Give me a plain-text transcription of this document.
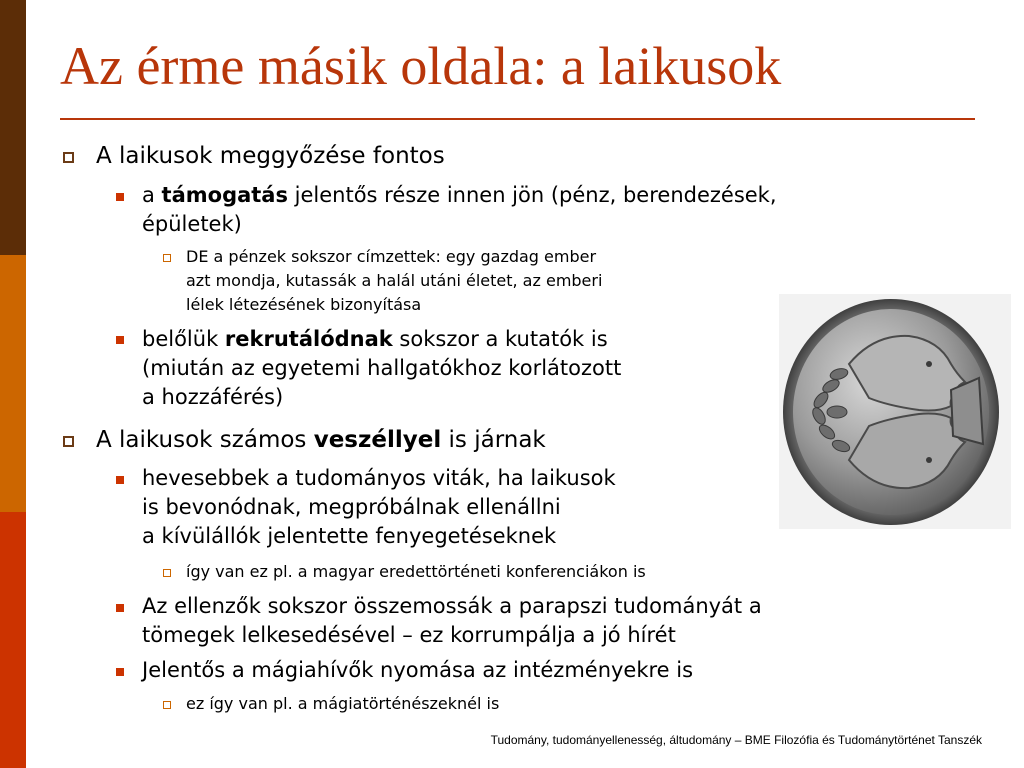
Az érme másik oldala: a laikusok

A laikusok meggyőzése fontos

a támogatás jelentős része innen jön (pénz, berendezések,
épületek)

DE a pénzek sokszor címzettek: egy gazdag ember
azt mondja, kutassák a halál utáni életet, az emberi
lélek létezésének bizonyítása

belőlük rekrutálódnak sokszor a kutatók is
(miután az egyetemi hallgatókhoz korlátozott
a hozzáférés)

A laikusok számos veszéllyel is járnak

hevesebbek a tudományos viták, ha laikusok
is bevonódnak, megpróbálnak ellenállni
a kívülállók jelentette fenyegetéseknek

így van ez pl. a magyar eredettörténeti konferenciákon is

Az ellenzők sokszor összemossák a parapszi tudományát a
tömegek lelkesedésével – ez korrumpálja a jó hírét

Jelentős a mágiahívők nyomása az intézményekre is

ez így van pl. a mágiatörténészeknél is

Tudomány, tudományellenesség, áltudomány – BME Filozófia és Tudománytörténet Tanszék
